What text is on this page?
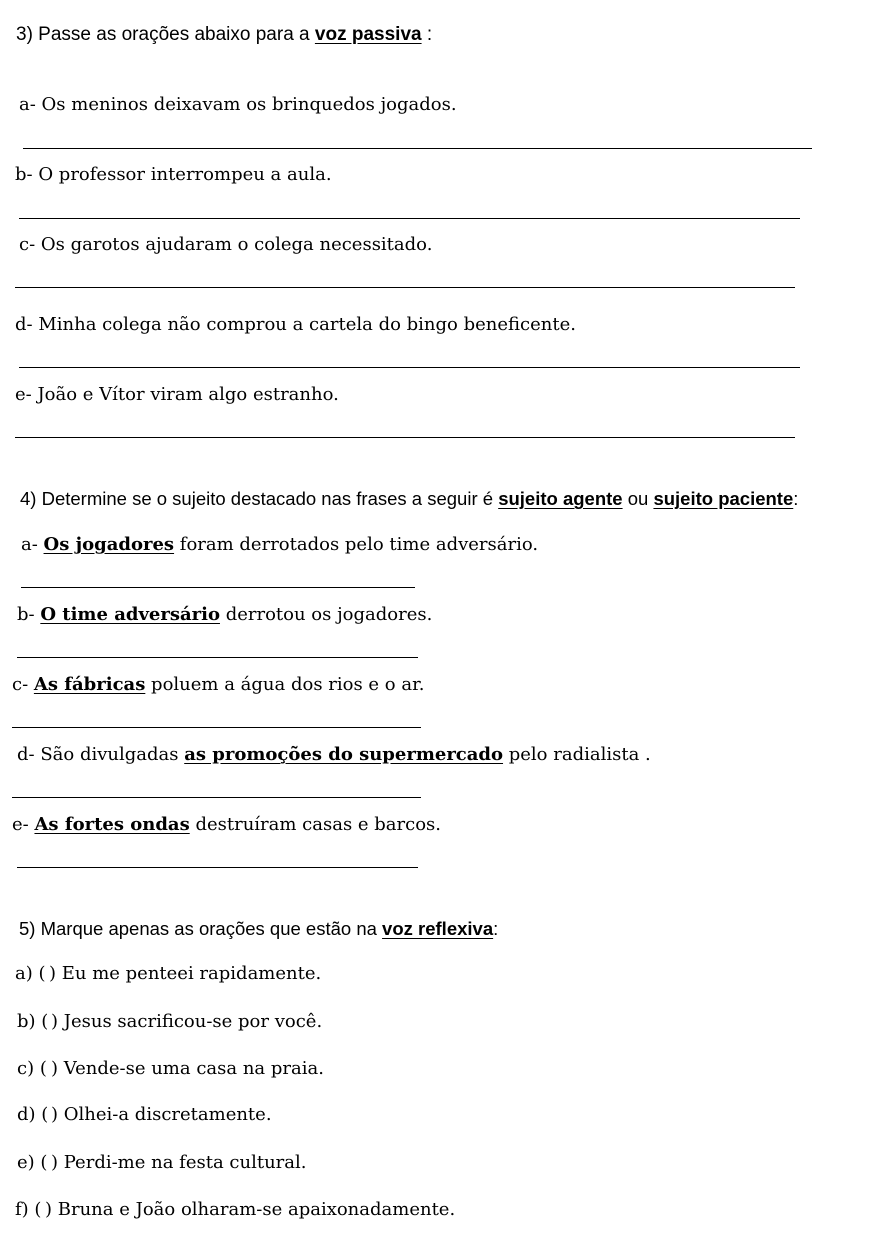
3) Passe as orações abaixo para a voz passiva :
a- Os meninos deixavam os brinquedos jogados.
b- O professor interrompeu a aula.
c- Os garotos ajudaram o colega necessitado.
d- Minha colega não comprou a cartela do bingo beneficente.
e- João e Vítor viram algo estranho.
4) Determine se o sujeito destacado nas frases a seguir é sujeito agente ou sujeito paciente:
a- Os jogadores foram derrotados pelo time adversário.
b- O time adversário derrotou os jogadores.
c- As fábricas poluem a água dos rios e o ar.
d- São divulgadas as promoções do supermercado pelo radialista .
e- As fortes ondas destruíram casas e barcos.
5) Marque apenas as orações que estão na voz reflexiva:
a) ( ) Eu me penteei rapidamente.
b) ( ) Jesus sacrificou-se por você.
c) ( ) Vende-se uma casa na praia.
d) ( ) Olhei-a discretamente.
e) ( ) Perdi-me na festa cultural.
f) ( ) Bruna e João olharam-se apaixonadamente.
